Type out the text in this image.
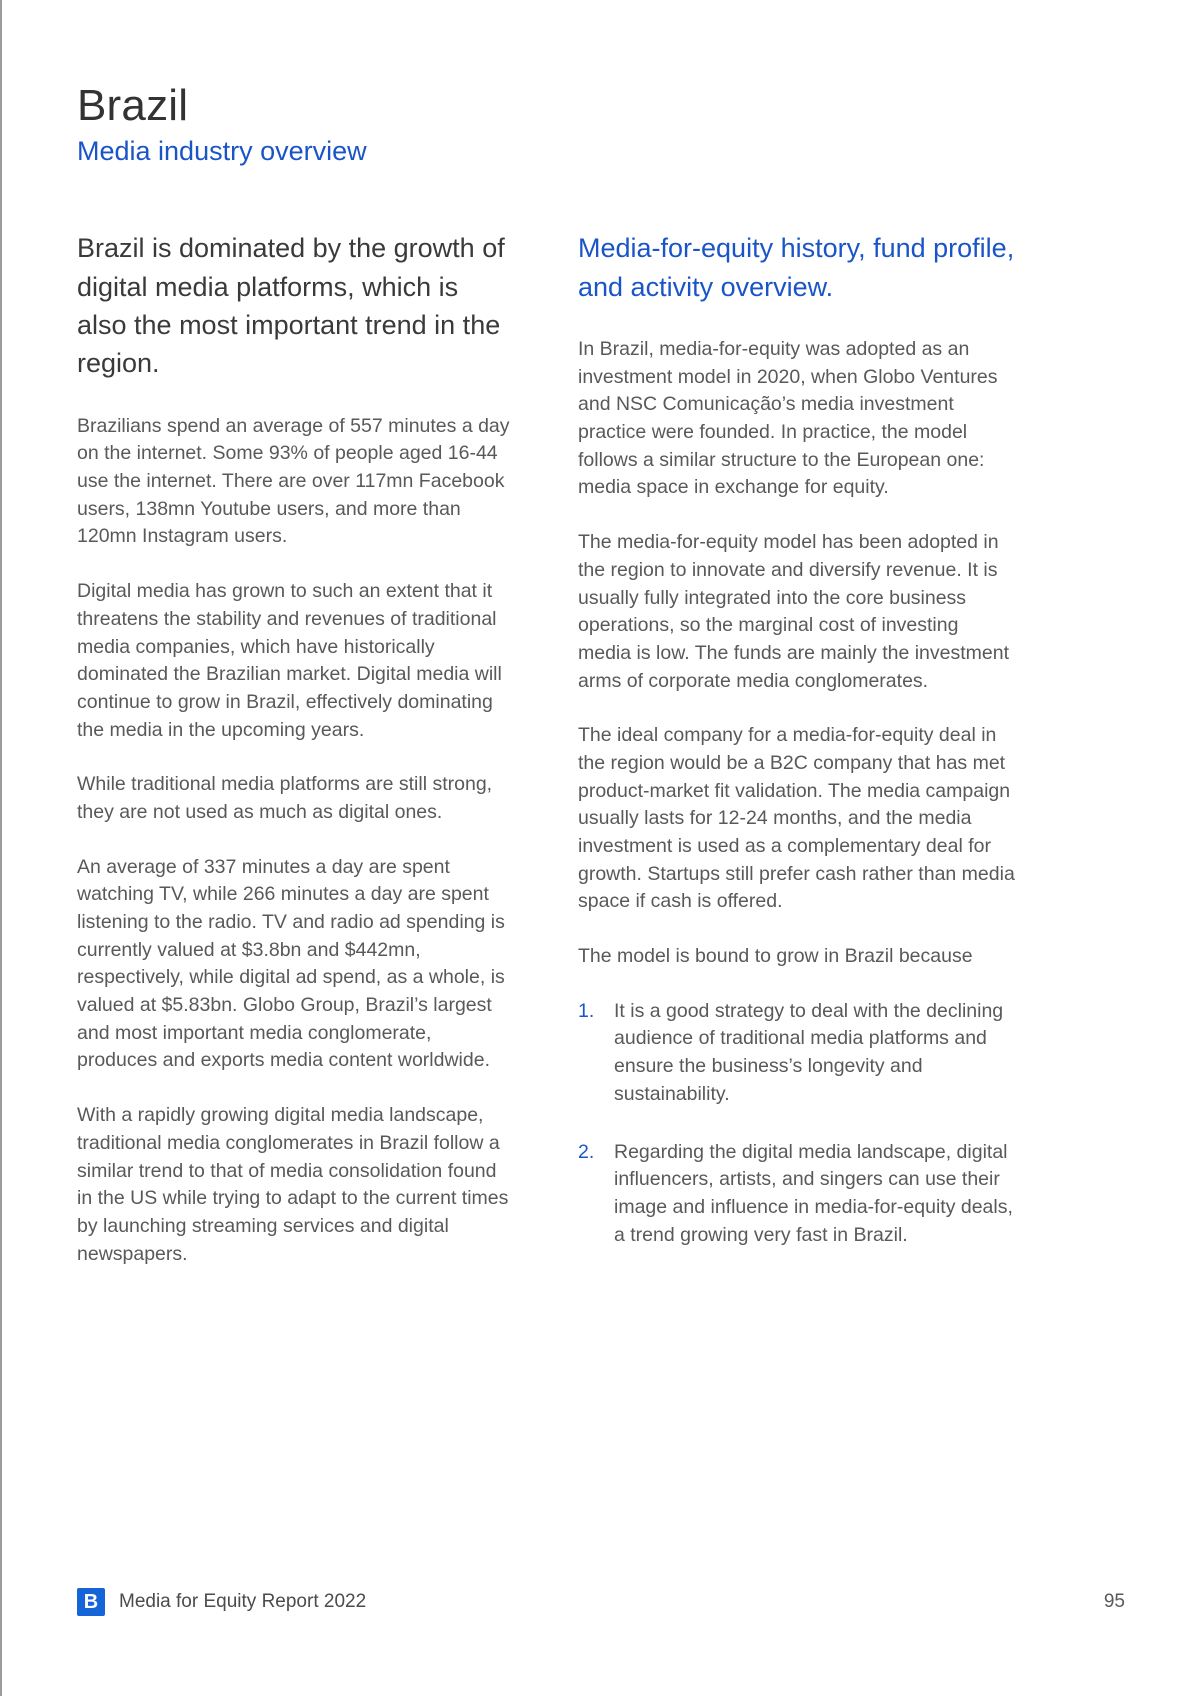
Brazil
Media industry overview
Brazil is dominated by the growth of digital media platforms, which is also the most important trend in the region.

Brazilians spend an average of 557 minutes a day on the internet. Some 93% of people aged 16-44 use the internet. There are over 117mn Facebook users, 138mn Youtube users, and more than 120mn Instagram users.

Digital media has grown to such an extent that it threatens the stability and revenues of traditional media companies, which have historically dominated the Brazilian market. Digital media will continue to grow in Brazil, effectively dominating the media in the upcoming years.

While traditional media platforms are still strong, they are not used as much as digital ones.

An average of 337 minutes a day are spent watching TV, while 266 minutes a day are spent listening to the radio. TV and radio ad spending is currently valued at $3.8bn and $442mn, respectively, while digital ad spend, as a whole, is valued at $5.83bn. Globo Group, Brazil’s largest and most important media conglomerate, produces and exports media content worldwide.

With a rapidly growing digital media landscape, traditional media conglomerates in Brazil follow a similar trend to that of media consolidation found in the US while trying to adapt to the current times by launching streaming services and digital newspapers.

Media-for-equity history, fund profile, and activity overview.

In Brazil, media-for-equity was adopted as an investment model in 2020, when Globo Ventures and NSC Comunicação’s media investment practice were founded. In practice, the model follows a similar structure to the European one: media space in exchange for equity.

The media-for-equity model has been adopted in the region to innovate and diversify revenue. It is usually fully integrated into the core business operations, so the marginal cost of investing media is low. The funds are mainly the investment arms of corporate media conglomerates.

The ideal company for a media-for-equity deal in the region would be a B2C company that has met product-market fit validation. The media campaign usually lasts for 12-24 months, and the media investment is used as a complementary deal for growth. Startups still prefer cash rather than media space if cash is offered.

The model is bound to grow in Brazil because

1.	It is a good strategy to deal with the declining audience of traditional media platforms and ensure the business’s longevity and sustainability.
2.	Regarding the digital media landscape, digital influencers, artists, and singers can use their image and influence in media-for-equity deals, a trend growing very fast in Brazil.
B	Media for Equity Report 2022	95
